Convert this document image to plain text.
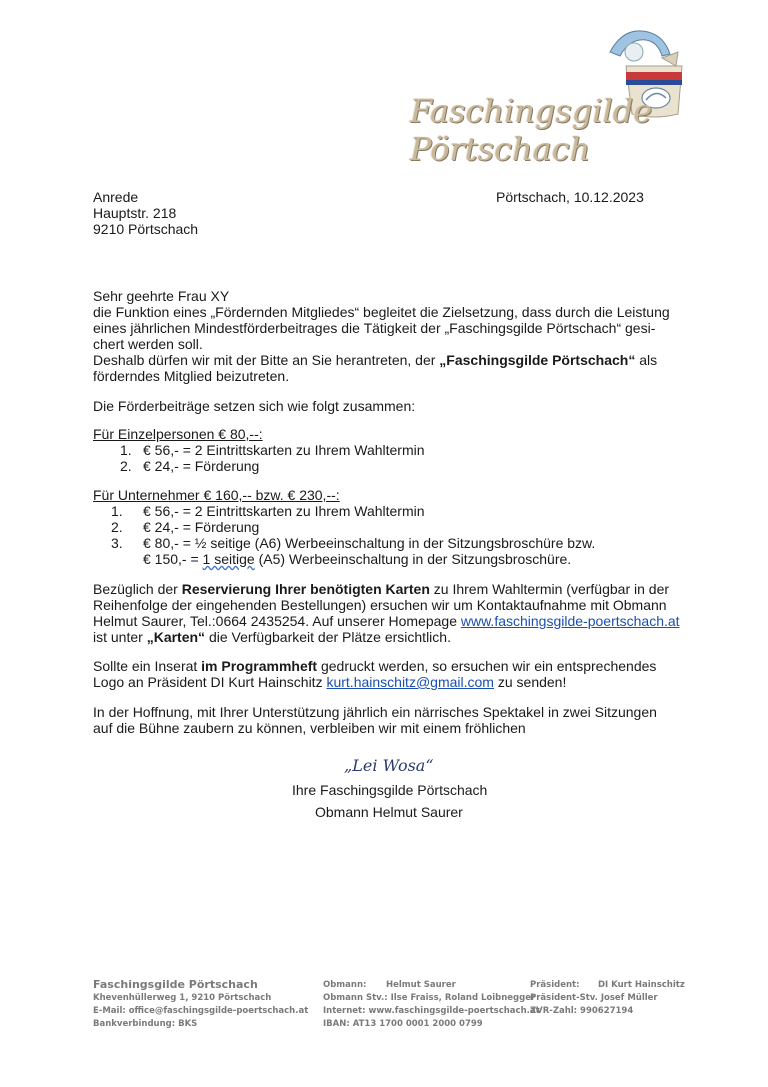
Faschingsgilde Pörtschach
Anrede
Hauptstr. 218
9210 Pörtschach
Pörtschach, 10.12.2023
Sehr geehrte Frau XY
die Funktion eines „Fördernden Mitgliedes“ begleitet die Zielsetzung, dass durch die Leistung
eines jährlichen Mindestförderbeitrages die Tätigkeit der „Faschingsgilde Pörtschach“ gesi-
chert werden soll.
Deshalb dürfen wir mit der Bitte an Sie herantreten, der „Faschingsgilde Pörtschach“ als
förderndes Mitglied beizutreten.
Die Förderbeiträge setzen sich wie folgt zusammen:
Für Einzelpersonen € 80,--:
1. € 56,- = 2 Eintrittskarten zu Ihrem Wahltermin
2. € 24,- = Förderung
Für Unternehmer € 160,-- bzw. € 230,--:
1. € 56,- = 2 Eintrittskarten zu Ihrem Wahltermin
2. € 24,- = Förderung
3. € 80,- = ½ seitige (A6) Werbeeinschaltung in der Sitzungsbroschüre bzw.
€ 150,- = 1 seitige (A5) Werbeeinschaltung in der Sitzungsbroschüre.
Bezüglich der Reservierung Ihrer benötigten Karten zu Ihrem Wahltermin (verfügbar in der
Reihenfolge der eingehenden Bestellungen) ersuchen wir um Kontaktaufnahme mit Obmann
Helmut Saurer, Tel.:0664 2435254. Auf unserer Homepage www.faschingsgilde-poertschach.at
ist unter „Karten“ die Verfügbarkeit der Plätze ersichtlich.
Sollte ein Inserat im Programmheft gedruckt werden, so ersuchen wir ein entsprechendes
Logo an Präsident DI Kurt Hainschitz kurt.hainschitz@gmail.com zu senden!
In der Hoffnung, mit Ihrer Unterstützung jährlich ein närrisches Spektakel in zwei Sitzungen
auf die Bühne zaubern zu können, verbleiben wir mit einem fröhlichen
„Lei Wosa“
Ihre Faschingsgilde Pörtschach
Obmann Helmut Saurer
Faschingsgilde Pörtschach
Khevenhüllerweg 1, 9210 Pörtschach
E-Mail: office@faschingsgilde-poertschach.at
Bankverbindung: BKS
Obmann: Helmut Saurer
Obmann Stv.: Ilse Fraiss, Roland Loibnegger
Internet: www.faschingsgilde-poertschach.at
IBAN: AT13 1700 0001 2000 0799
Präsident: DI Kurt Hainschitz
Präsident-Stv. Josef Müller
ZVR-Zahl: 990627194
